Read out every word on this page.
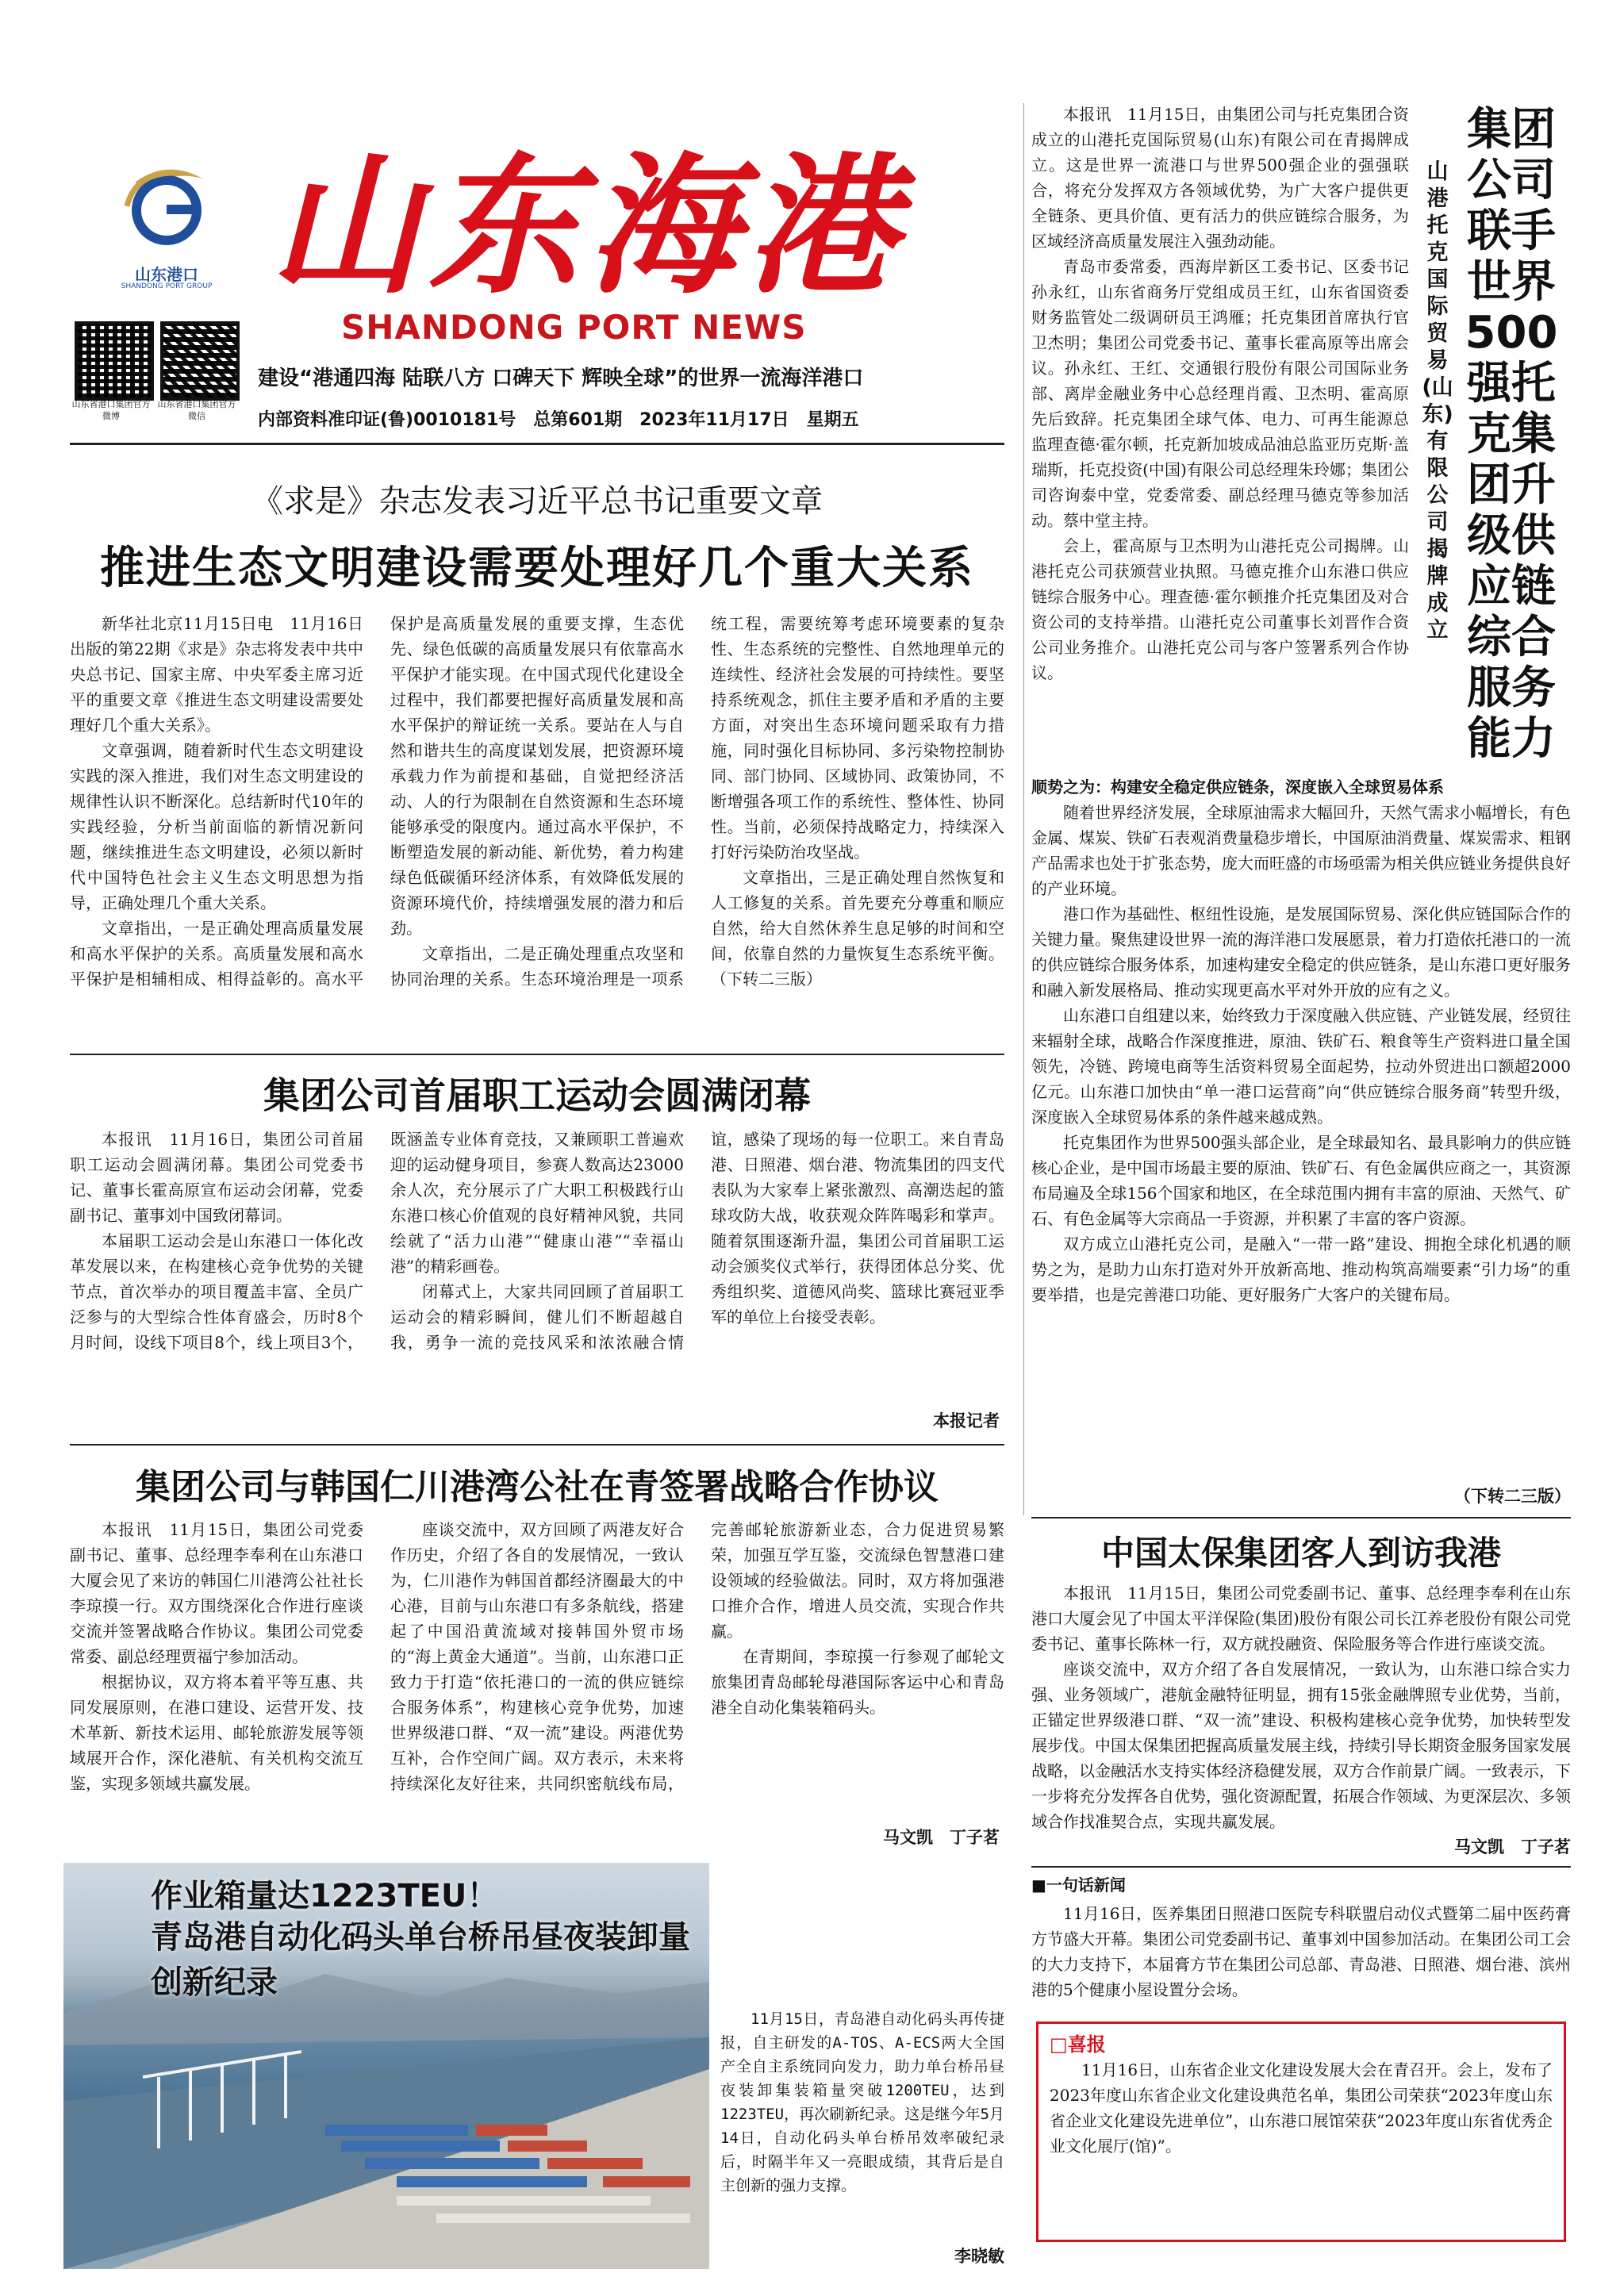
山东港口
SHANDONG PORT GROUP 山东海港
SHANDONG PORT NEWS
山东省港口集团官方微博
山东省港口集团官方微信
建设“港通四海 陆联八方 口碑天下 辉映全球”的世界一流海洋港口
内部资料准印证(鲁)0010181号　总第601期　2023年11月17日　星期五
《求是》杂志发表习近平总书记重要文章
推进生态文明建设需要处理好几个重大关系

新华社北京11月15日电　11月16日出版的第22期《求是》杂志将发表中共中央总书记、国家主席、中央军委主席习近平的重要文章《推进生态文明建设需要处理好几个重大关系》。

文章强调，随着新时代生态文明建设实践的深入推进，我们对生态文明建设的规律性认识不断深化。总结新时代10年的实践经验，分析当前面临的新情况新问题，继续推进生态文明建设，必须以新时代中国特色社会主义生态文明思想为指导，正确处理几个重大关系。

文章指出，一是正确处理高质量发展和高水平保护的关系。高质量发展和高水平保护是相辅相成、相得益彰的。高水平保护是高质量发展的重要支撑，生态优先、绿色低碳的高质量发展只有依靠高水平保护才能实现。在中国式现代化建设全过程中，我们都要把握好高质量发展和高水平保护的辩证统一关系。要站在人与自然和谐共生的高度谋划发展，把资源环境承载力作为前提和基础，自觉把经济活动、人的行为限制在自然资源和生态环境能够承受的限度内。通过高水平保护，不断塑造发展的新动能、新优势，着力构建绿色低碳循环经济体系，有效降低发展的资源环境代价，持续增强发展的潜力和后劲。

文章指出，二是正确处理重点攻坚和协同治理的关系。生态环境治理是一项系统工程，需要统筹考虑环境要素的复杂性、生态系统的完整性、自然地理单元的连续性、经济社会发展的可持续性。要坚持系统观念，抓住主要矛盾和矛盾的主要方面，对突出生态环境问题采取有力措施，同时强化目标协同、多污染物控制协同、部门协同、区域协同、政策协同，不断增强各项工作的系统性、整体性、协同性。当前，必须保持战略定力，持续深入打好污染防治攻坚战。

文章指出，三是正确处理自然恢复和人工修复的关系。首先要充分尊重和顺应自然，给大自然休养生息足够的时间和空间，依靠自然的力量恢复生态系统平衡。（下转二三版）

集团公司首届职工运动会圆满闭幕

本报讯　11月16日，集团公司首届职工运动会圆满闭幕。集团公司党委书记、董事长霍高原宣布运动会闭幕，党委副书记、董事刘中国致闭幕词。

本届职工运动会是山东港口一体化改革发展以来，在构建核心竞争优势的关键节点，首次举办的项目覆盖丰富、全员广泛参与的大型综合性体育盛会，历时8个月时间，设线下项目8个，线上项目3个，既涵盖专业体育竞技，又兼顾职工普遍欢迎的运动健身项目，参赛人数高达23000余人次，充分展示了广大职工积极践行山东港口核心价值观的良好精神风貌，共同绘就了“活力山港”“健康山港”“幸福山港”的精彩画卷。

闭幕式上，大家共同回顾了首届职工运动会的精彩瞬间，健儿们不断超越自我，勇争一流的竞技风采和浓浓融合情谊，感染了现场的每一位职工。来自青岛港、日照港、烟台港、物流集团的四支代表队为大家奉上紧张激烈、高潮迭起的篮球攻防大战，收获观众阵阵喝彩和掌声。随着氛围逐渐升温，集团公司首届职工运动会颁奖仪式举行，获得团体总分奖、优秀组织奖、道德风尚奖、篮球比赛冠亚季军的单位上台接受表彰。

本报记者
集团公司与韩国仁川港湾公社在青签署战略合作协议

本报讯　11月15日，集团公司党委副书记、董事、总经理李奉利在山东港口大厦会见了来访的韩国仁川港湾公社社长李琼摸一行。双方围绕深化合作进行座谈交流并签署战略合作协议。集团公司党委常委、副总经理贾福宁参加活动。

根据协议，双方将本着平等互惠、共同发展原则，在港口建设、运营开发、技术革新、新技术运用、邮轮旅游发展等领域展开合作，深化港航、有关机构交流互鉴，实现多领域共赢发展。

座谈交流中，双方回顾了两港友好合作历史，介绍了各自的发展情况，一致认为，仁川港作为韩国首都经济圈最大的中心港，目前与山东港口有多条航线，搭建起了中国沿黄流域对接韩国外贸市场的“海上黄金大通道”。当前，山东港口正致力于打造“依托港口的一流的供应链综合服务体系”，构建核心竞争优势，加速世界级港口群、“双一流”建设。两港优势互补，合作空间广阔。双方表示，未来将持续深化友好往来，共同织密航线布局，完善邮轮旅游新业态，合力促进贸易繁荣，加强互学互鉴，交流绿色智慧港口建设领域的经验做法。同时，双方将加强港口推介合作，增进人员交流，实现合作共赢。

在青期间，李琼摸一行参观了邮轮文旅集团青岛邮轮母港国际客运中心和青岛港全自动化集装箱码头。

马文凯　丁子茗
作业箱量达1223TEU！
青岛港自动化码头单台桥吊昼夜装卸量创新纪录
11月15日，青岛港自动化码头再传捷报，自主研发的A-TOS、A-ECS两大全国产全自主系统同向发力，助力单台桥吊昼夜装卸集装箱量突破1200TEU，达到1223TEU，再次刷新纪录。这是继今年5月14日，自动化码头单台桥吊效率破纪录后，时隔半年又一亮眼成绩，其背后是自主创新的强力支撑。
李晓敏

本报讯　11月15日，由集团公司与托克集团合资成立的山港托克国际贸易(山东)有限公司在青揭牌成立。这是世界一流港口与世界500强企业的强强联合，将充分发挥双方各领域优势，为广大客户提供更全链条、更具价值、更有活力的供应链综合服务，为区域经济高质量发展注入强劲动能。

青岛市委常委，西海岸新区工委书记、区委书记孙永红，山东省商务厅党组成员王红，山东省国资委财务监管处二级调研员王鸿雁；托克集团首席执行官卫杰明；集团公司党委书记、董事长霍高原等出席会议。孙永红、王红、交通银行股份有限公司国际业务部、离岸金融业务中心总经理肖霞、卫杰明、霍高原先后致辞。托克集团全球气体、电力、可再生能源总监理查德·霍尔顿，托克新加坡成品油总监亚历克斯·盖瑞斯，托克投资(中国)有限公司总经理朱玲娜；集团公司咨询泰中堂，党委常委、副总经理马德克等参加活动。蔡中堂主持。

会上，霍高原与卫杰明为山港托克公司揭牌。山港托克公司获颁营业执照。马德克推介山东港口供应链综合服务中心。理查德·霍尔顿推介托克集团及对合资公司的支持举措。山港托克公司董事长刘晋作合资公司业务推介。山港托克公司与客户签署系列合作协议。

山港托克国际贸易(山东)有限公司揭牌成立
集团公司联手世界500强托克集团升级供应链综合服务能力
顺势之为：构建安全稳定供应链条，深度嵌入全球贸易体系

随着世界经济发展，全球原油需求大幅回升，天然气需求小幅增长，有色金属、煤炭、铁矿石表观消费量稳步增长，中国原油消费量、煤炭需求、粗钢产品需求也处于扩张态势，庞大而旺盛的市场亟需为相关供应链业务提供良好的产业环境。

港口作为基础性、枢纽性设施，是发展国际贸易、深化供应链国际合作的关键力量。聚焦建设世界一流的海洋港口发展愿景，着力打造依托港口的一流的供应链综合服务体系，加速构建安全稳定的供应链条，是山东港口更好服务和融入新发展格局、推动实现更高水平对外开放的应有之义。

山东港口自组建以来，始终致力于深度融入供应链、产业链发展，经贸往来辐射全球，战略合作深度推进，原油、铁矿石、粮食等生产资料进口量全国领先，冷链、跨境电商等生活资料贸易全面起势，拉动外贸进出口额超2000亿元。山东港口加快由“单一港口运营商”向“供应链综合服务商”转型升级，深度嵌入全球贸易体系的条件越来越成熟。

托克集团作为世界500强头部企业，是全球最知名、最具影响力的供应链核心企业，是中国市场最主要的原油、铁矿石、有色金属供应商之一，其资源布局遍及全球156个国家和地区，在全球范围内拥有丰富的原油、天然气、矿石、有色金属等大宗商品一手资源，并积累了丰富的客户资源。

双方成立山港托克公司，是融入“一带一路”建设、拥抱全球化机遇的顺势之为，是助力山东打造对外开放新高地、推动构筑高端要素“引力场”的重要举措，也是完善港口功能、更好服务广大客户的关键布局。

（下转二三版）
中国太保集团客人到访我港

本报讯　11月15日，集团公司党委副书记、董事、总经理李奉利在山东港口大厦会见了中国太平洋保险(集团)股份有限公司长江养老股份有限公司党委书记、董事长陈林一行，双方就投融资、保险服务等合作进行座谈交流。

座谈交流中，双方介绍了各自发展情况，一致认为，山东港口综合实力强、业务领域广，港航金融特征明显，拥有15张金融牌照专业优势，当前，正锚定世界级港口群、“双一流”建设、积极构建核心竞争优势，加快转型发展步伐。中国太保集团把握高质量发展主线，持续引导长期资金服务国家发展战略，以金融活水支持实体经济稳健发展，双方合作前景广阔。一致表示，下一步将充分发挥各自优势，强化资源配置，拓展合作领域、为更深层次、多领域合作找准契合点，实现共赢发展。

马文凯　丁子茗
■一句话新闻

11月16日，医养集团日照港口医院专科联盟启动仪式暨第二届中医药膏方节盛大开幕。集团公司党委副书记、董事刘中国参加活动。在集团公司工会的大力支持下，本届膏方节在集团公司总部、青岛港、日照港、烟台港、滨州港的5个健康小屋设置分会场。

□喜报

11月16日，山东省企业文化建设发展大会在青召开。会上，发布了2023年度山东省企业文化建设典范名单，集团公司荣获“2023年度山东省企业文化建设先进单位”，山东港口展馆荣获“2023年度山东省优秀企业文化展厅(馆)”。
